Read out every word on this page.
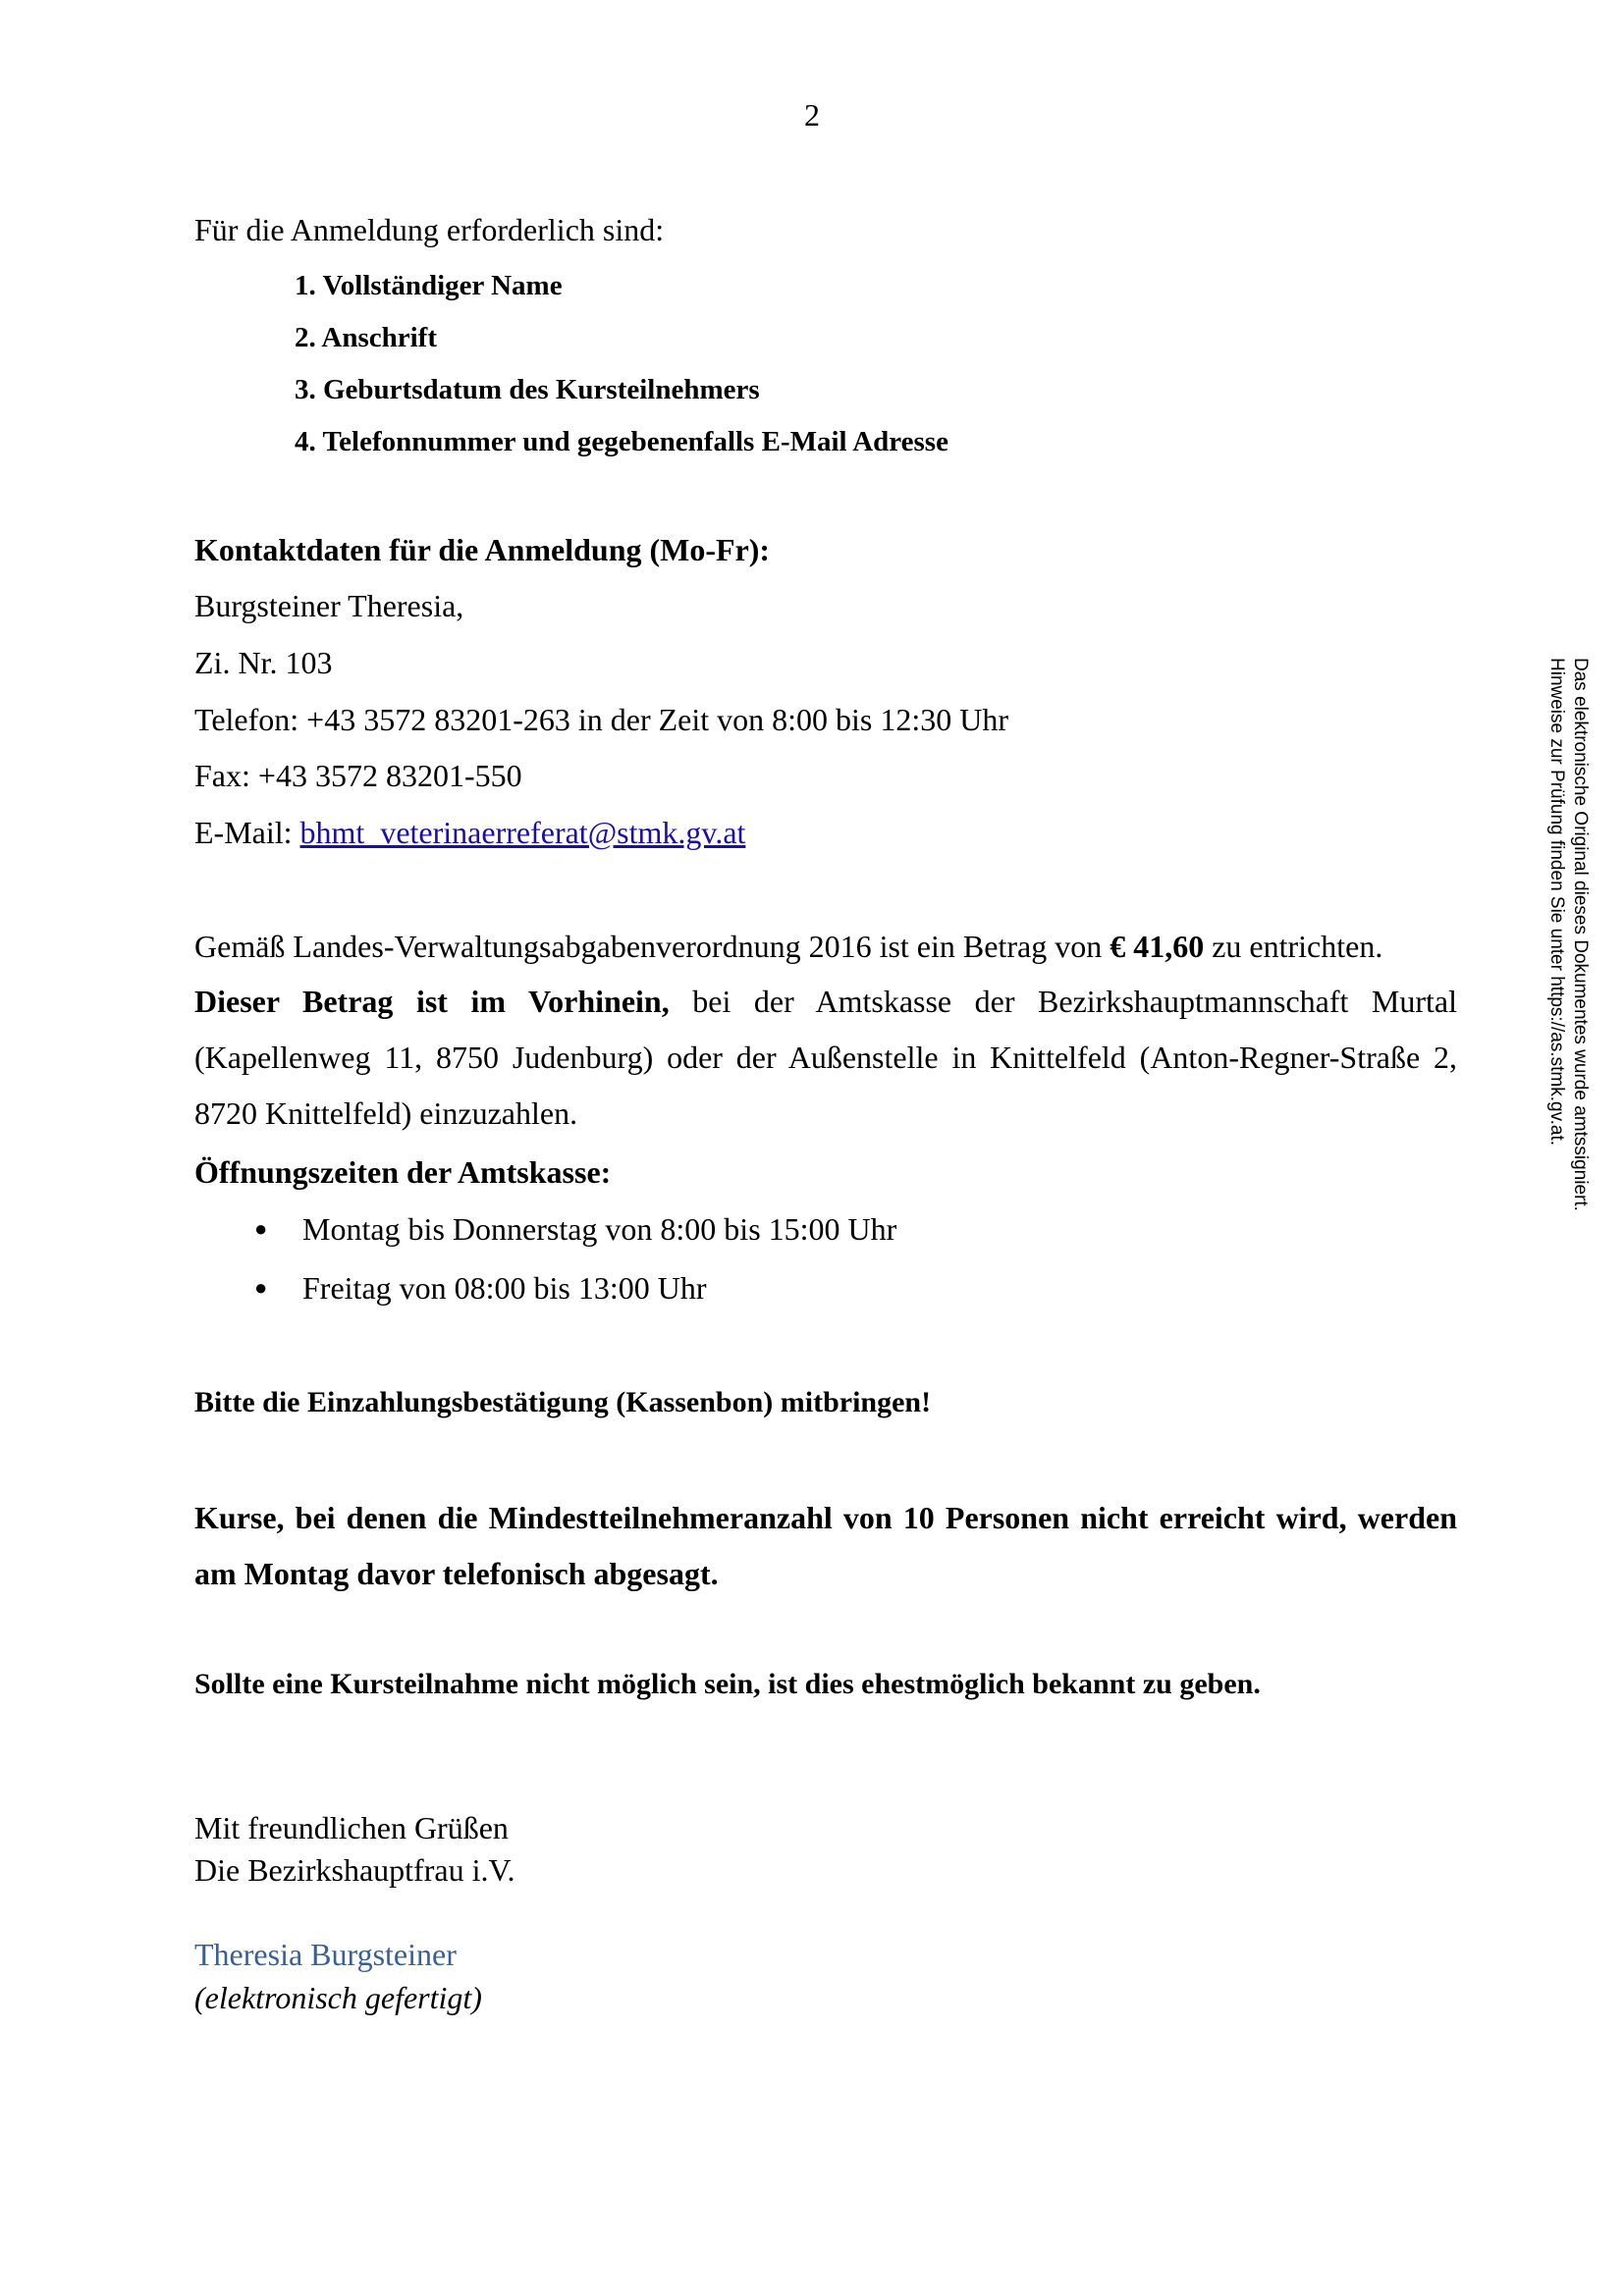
2
Für die Anmeldung erforderlich sind:
1. Vollständiger Name
2. Anschrift
3. Geburtsdatum des Kursteilnehmers
4. Telefonnummer und gegebenenfalls E-Mail Adresse
Kontaktdaten für die Anmeldung (Mo-Fr):
Burgsteiner Theresia,
Zi. Nr. 103
Telefon: +43 3572 83201-263 in der Zeit von 8:00 bis 12:30 Uhr
Fax: +43 3572 83201-550
E-Mail: bhmt_veterinaerreferat@stmk.gv.at
Gemäß Landes-Verwaltungsabgabenverordnung 2016 ist ein Betrag von € 41,60 zu entrichten.
Dieser Betrag ist im Vorhinein, bei der Amtskasse der Bezirkshauptmannschaft Murtal (Kapellenweg 11, 8750 Judenburg) oder der Außenstelle in Knittelfeld (Anton-Regner-Straße 2, 8720 Knittelfeld) einzuzahlen.
Öffnungszeiten der Amtskasse:
● Montag bis Donnerstag von 8:00 bis 15:00 Uhr
● Freitag von 08:00 bis 13:00 Uhr
Bitte die Einzahlungsbestätigung (Kassenbon) mitbringen!
Kurse, bei denen die Mindestteilnehmeranzahl von 10 Personen nicht erreicht wird, werden am Montag davor telefonisch abgesagt.
Sollte eine Kursteilnahme nicht möglich sein, ist dies ehestmöglich bekannt zu geben.
Mit freundlichen Grüßen
Die Bezirkshauptfrau i.V.
Theresia Burgsteiner
(elektronisch gefertigt)
Das elektronische Original dieses Dokumentes wurde amtssigniert.
Hinweise zur Prüfung finden Sie unter https://as.stmk.gv.at.
